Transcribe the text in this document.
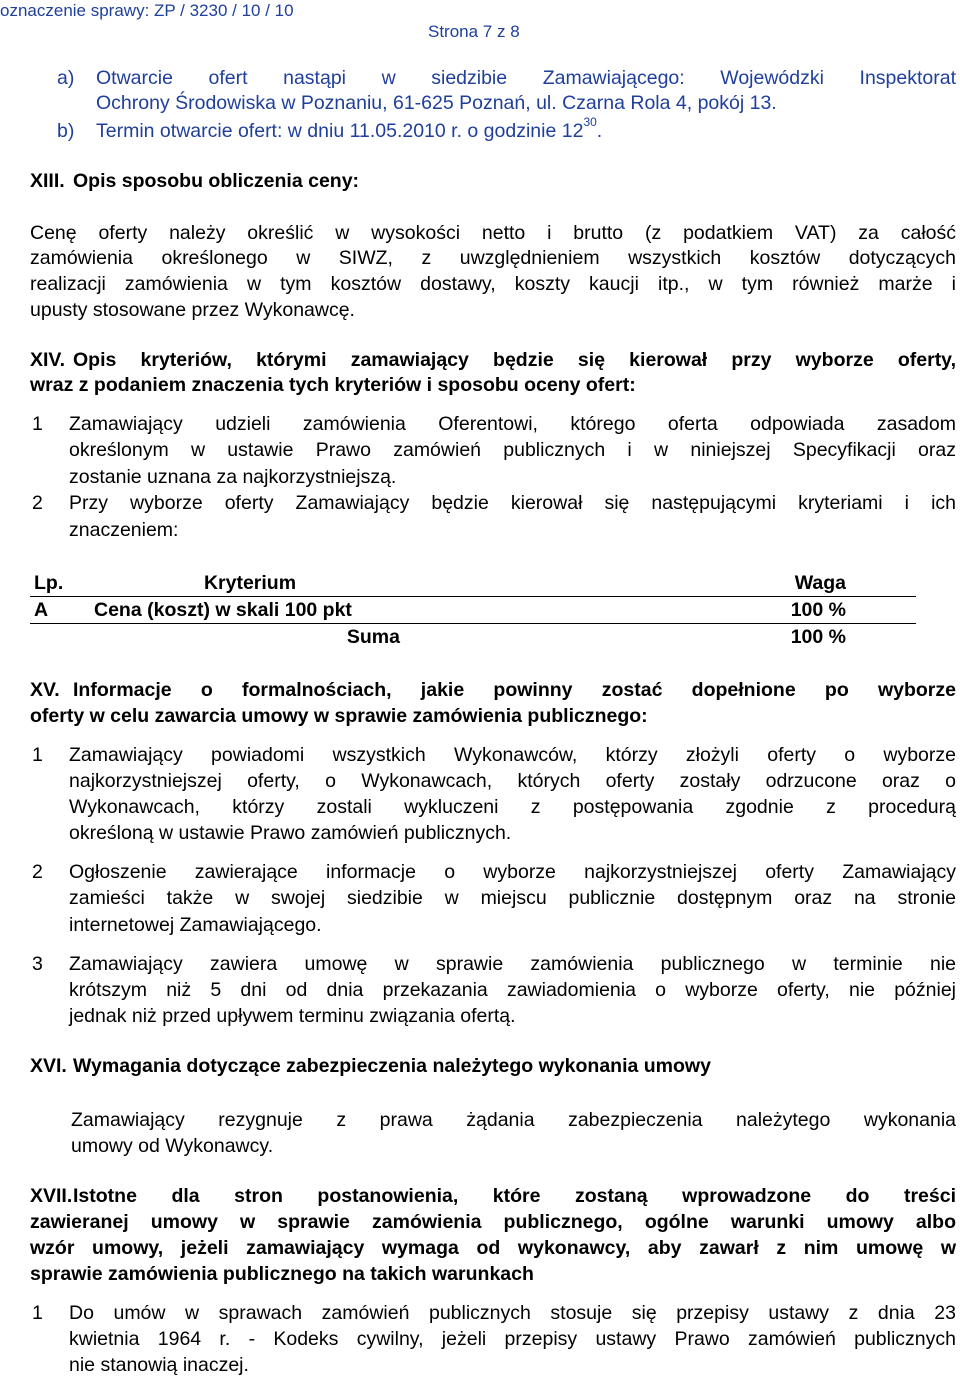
oznaczenie sprawy: ZP / 3230 / 10 / 10
Strona 7 z 8
a) Otwarcie ofert nastąpi w siedzibie Zamawiającego: Wojewódzki Inspektorat
Ochrony Środowiska w Poznaniu, 61-625 Poznań, ul. Czarna Rola 4, pokój 13.
b) Termin otwarcie ofert: w dniu 11.05.2010 r. o godzinie $12^{30}$.
XIII. Opis sposobu obliczenia ceny:
Cenę oferty należy określić w wysokości netto i brutto (z podatkiem VAT) za całość
zamówienia określonego w SIWZ, z uwzględnieniem wszystkich kosztów dotyczących
realizacji zamówienia w tym kosztów dostawy, koszty kaucji itp., w tym również marże i
upusty stosowane przez Wykonawcę.
XIV. Opis kryteriów, którymi zamawiający będzie się kierował przy wyborze oferty,
wraz z podaniem znaczenia tych kryteriów i sposobu oceny ofert:
1 Zamawiający udzieli zamówienia Oferentowi, którego oferta odpowiada zasadom
określonym w ustawie Prawo zamówień publicznych i w niniejszej Specyfikacji oraz
zostanie uznana za najkorzystniejszą.
2 Przy wyborze oferty Zamawiający będzie kierował się następującymi kryteriami i ich
znaczeniem:
Lp.	Kryterium	Waga
A	Cena (koszt) w skali 100 pkt	100 %
	Suma	100 %
XV. Informacje o formalnościach, jakie powinny zostać dopełnione po wyborze
oferty w celu zawarcia umowy w sprawie zamówienia publicznego:
1 Zamawiający powiadomi wszystkich Wykonawców, którzy złożyli oferty o wyborze
najkorzystniejszej oferty, o Wykonawcach, których oferty zostały odrzucone oraz o
Wykonawcach, którzy zostali wykluczeni z postępowania zgodnie z procedurą
określoną w ustawie Prawo zamówień publicznych.
2 Ogłoszenie zawierające informacje o wyborze najkorzystniejszej oferty Zamawiający
zamieści także w swojej siedzibie w miejscu publicznie dostępnym oraz na stronie
internetowej Zamawiającego.
3 Zamawiający zawiera umowę w sprawie zamówienia publicznego w terminie nie
krótszym niż 5 dni od dnia przekazania zawiadomienia o wyborze oferty, nie później
jednak niż przed upływem terminu związania ofertą.
XVI. Wymagania dotyczące zabezpieczenia należytego wykonania umowy
Zamawiający rezygnuje z prawa żądania zabezpieczenia należytego wykonania
umowy od Wykonawcy.
XVII. Istotne dla stron postanowienia, które zostaną wprowadzone do treści
zawieranej umowy w sprawie zamówienia publicznego, ogólne warunki umowy albo
wzór umowy, jeżeli zamawiający wymaga od wykonawcy, aby zawarł z nim umowę w
sprawie zamówienia publicznego na takich warunkach
1 Do umów w sprawach zamówień publicznych stosuje się przepisy ustawy z dnia 23
kwietnia 1964 r. - Kodeks cywilny, jeżeli przepisy ustawy Prawo zamówień publicznych
nie stanowią inaczej.
